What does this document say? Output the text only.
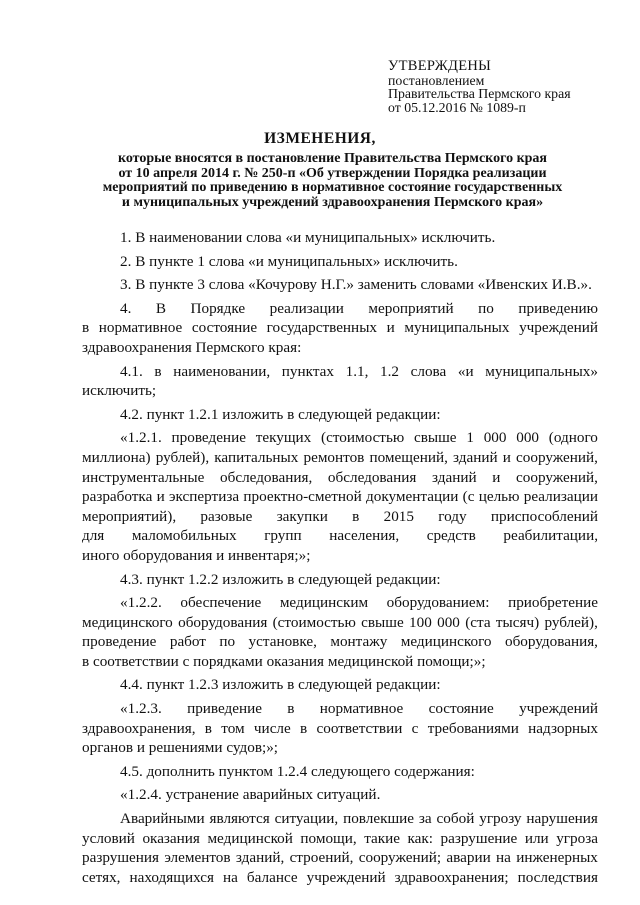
УТВЕРЖДЕНЫ
постановлением
Правительства Пермского края
от 05.12.2016 № 1089-п
ИЗМЕНЕНИЯ,
которые вносятся в постановление Правительства Пермского края
от 10 апреля 2014 г. № 250-п «Об утверждении Порядка реализации
мероприятий по приведению в нормативное состояние государственных
и муниципальных учреждений здравоохранения Пермского края»
1. В наименовании слова «и муниципальных» исключить.
2. В пункте 1 слова «и муниципальных» исключить.
3. В пункте 3 слова «Кочурову Н.Г.» заменить словами «Ивенских И.В.».
4. В Порядке реализации мероприятий по приведению
в нормативное состояние государственных и муниципальных учреждений
здравоохранения Пермского края:
4.1. в наименовании, пунктах 1.1, 1.2 слова «и муниципальных»
исключить;
4.2. пункт 1.2.1 изложить в следующей редакции:
«1.2.1. проведение текущих (стоимостью свыше 1 000 000 (одного
миллиона) рублей), капитальных ремонтов помещений, зданий и сооружений,
инструментальные обследования, обследования зданий и сооружений,
разработка и экспертиза проектно-сметной документации (с целью реализации
мероприятий), разовые закупки в 2015 году приспособлений
для маломобильных групп населения, средств реабилитации,
иного оборудования и инвентаря;»;
4.3. пункт 1.2.2 изложить в следующей редакции:
«1.2.2. обеспечение медицинским оборудованием: приобретение
медицинского оборудования (стоимостью свыше 100 000 (ста тысяч) рублей),
проведение работ по установке, монтажу медицинского оборудования,
в соответствии с порядками оказания медицинской помощи;»;
4.4. пункт 1.2.3 изложить в следующей редакции:
«1.2.3. приведение в нормативное состояние учреждений
здравоохранения, в том числе в соответствии с требованиями надзорных
органов и решениями судов;»;
4.5. дополнить пунктом 1.2.4 следующего содержания:
«1.2.4. устранение аварийных ситуаций.
Аварийными являются ситуации, повлекшие за собой угрозу нарушения
условий оказания медицинской помощи, такие как: разрушение или угроза
разрушения элементов зданий, строений, сооружений; аварии на инженерных
сетях, находящихся на балансе учреждений здравоохранения; последствия
